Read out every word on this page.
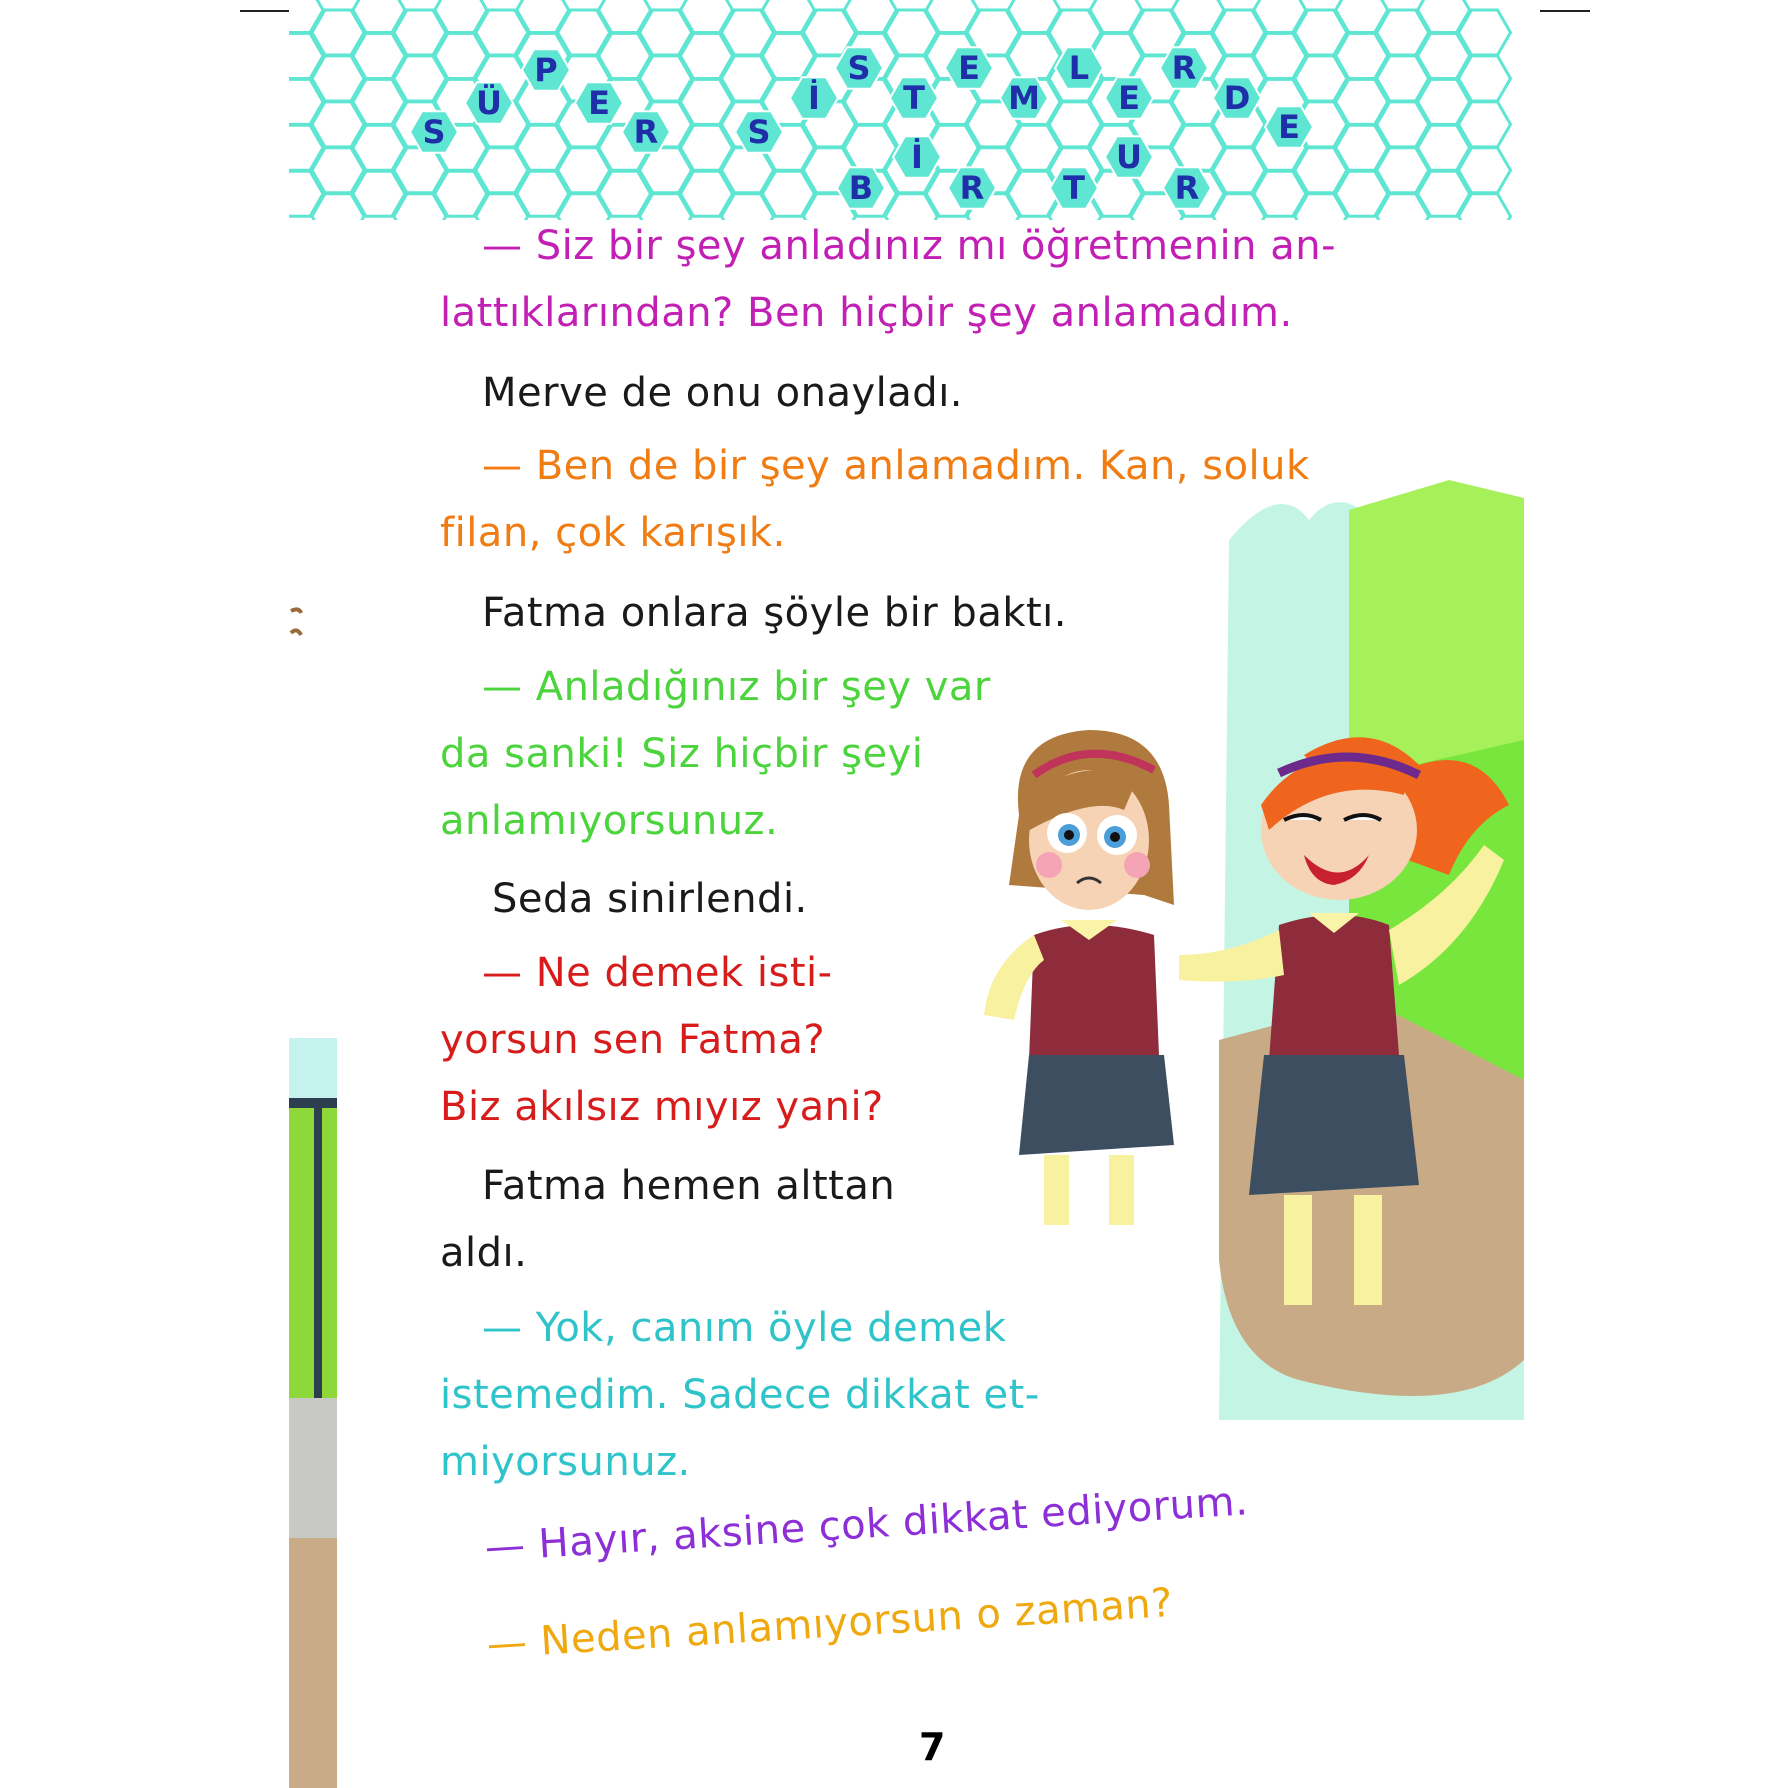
S
Ü
P
E
R	S
İ
S
T
E
M
L
E
R
D
E
B
İ
R T
U
R

— Siz bir şey anladınız mı öğretmenin an-
lattıklarından? Ben hiçbir şey anlamadım.

Merve de onu onayladı.

— Ben de bir şey anlamadım. Kan, soluk
filan, çok karışık.

Fatma onlara şöyle bir baktı.

— Anladığınız bir şey var
da sanki! Siz hiçbir şeyi
anlamıyorsunuz.

Seda sinirlendi.

— Ne demek isti-
yorsun sen Fatma?
Biz akılsız mıyız yani?

Fatma hemen alttan
aldı.

— Yok, canım öyle demek
istemedim. Sadece dikkat et-
miyorsunuz.

— Hayır, aksine çok dikkat ediyorum.

— Neden anlamıyorsun o zaman?

7
